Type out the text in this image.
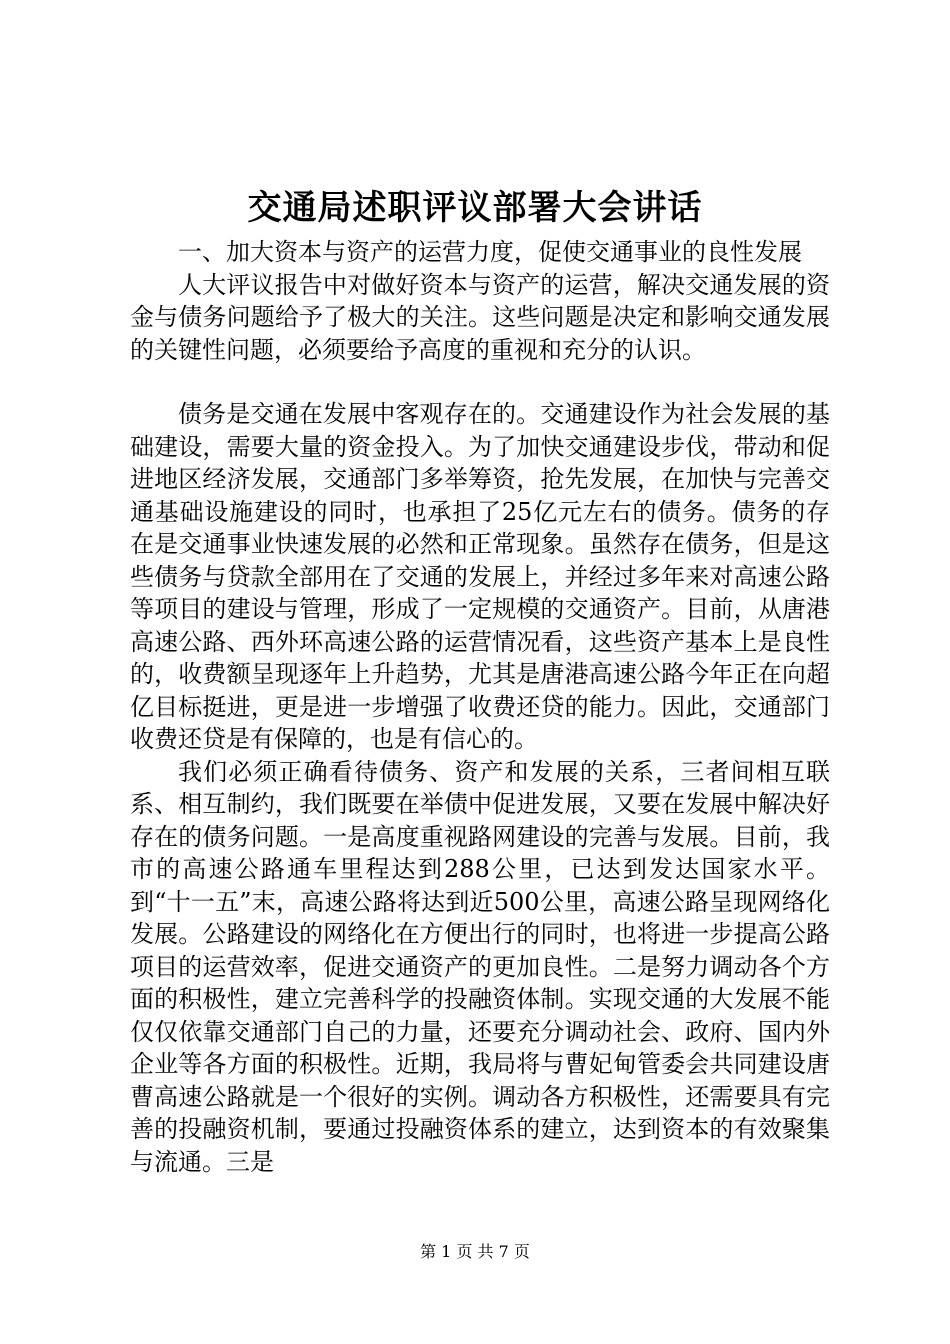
交通局述职评议部署大会讲话

一、加大资本与资产的运营力度，促使交通事业的良性发展

人大评议报告中对做好资本与资产的运营，解决交通发展的资金与债务问题给予了极大的关注。这些问题是决定和影响交通发展的关键性问题，必须要给予高度的重视和充分的认识。

债务是交通在发展中客观存在的。交通建设作为社会发展的基础建设，需要大量的资金投入。为了加快交通建设步伐，带动和促进地区经济发展，交通部门多举筹资，抢先发展，在加快与完善交通基础设施建设的同时，也承担了25亿元左右的债务。债务的存在是交通事业快速发展的必然和正常现象。虽然存在债务，但是这些债务与贷款全部用在了交通的发展上，并经过多年来对高速公路等项目的建设与管理，形成了一定规模的交通资产。目前，从唐港高速公路、西外环高速公路的运营情况看，这些资产基本上是良性的，收费额呈现逐年上升趋势，尤其是唐港高速公路今年正在向超亿目标挺进，更是进一步增强了收费还贷的能力。因此，交通部门收费还贷是有保障的，也是有信心的。

我们必须正确看待债务、资产和发展的关系，三者间相互联系、相互制约，我们既要在举债中促进发展，又要在发展中解决好存在的债务问题。一是高度重视路网建设的完善与发展。目前，我市的高速公路通车里程达到288公里，已达到发达国家水平。到“十一五”末，高速公路将达到近500公里，高速公路呈现网络化发展。公路建设的网络化在方便出行的同时，也将进一步提高公路项目的运营效率，促进交通资产的更加良性。二是努力调动各个方面的积极性，建立完善科学的投融资体制。实现交通的大发展不能仅仅依靠交通部门自己的力量，还要充分调动社会、政府、国内外企业等各方面的积极性。近期，我局将与曹妃甸管委会共同建设唐曹高速公路就是一个很好的实例。调动各方积极性，还需要具有完善的投融资机制，要通过投融资体系的建立，达到资本的有效聚集与流通。三是

第 1 页 共 7 页
